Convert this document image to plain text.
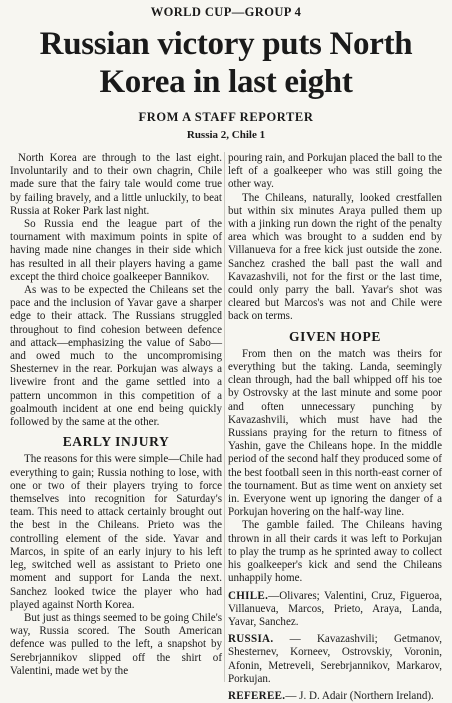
WORLD CUP—GROUP 4
Russian victory puts North
Korea in last eight
FROM A STAFF REPORTER
Russia 2, Chile 1

North Korea are through to the last eight. Involuntarily and to their own chagrin, Chile made sure that the fairy tale would come true by failing bravely, and a little unluckily, to beat Russia at Roker Park last night.

So Russia end the league part of the tournament with maximum points in spite of having made nine changes in their side which has resulted in all their players having a game except the third choice goalkeeper Bannikov.

As was to be expected the Chileans set the pace and the inclusion of Yavar gave a sharper edge to their attack. The Russians struggled throughout to find cohesion between defence and attack—emphasizing the value of Sabo—and owed much to the uncompromising Shesternev in the rear. Porkujan was always a livewire front and the game settled into a pattern uncommon in this competition of a goalmouth incident at one end being quickly followed by the same at the other.

EARLY INJURY

The reasons for this were simple—Chile had everything to gain; Russia nothing to lose, with one or two of their players trying to force themselves into recognition for Saturday's team. This need to attack certainly brought out the best in the Chileans. Prieto was the controlling element of the side. Yavar and Marcos, in spite of an early injury to his left leg, switched well as assistant to Prieto one moment and support for Landa the next. Sanchez looked twice the player who had played against North Korea.

But just as things seemed to be going Chile's way, Russia scored. The South American defence was pulled to the left, a snapshot by Serebrjannikov slipped off the shirt of Valentini, made wet by the

pouring rain, and Porkujan placed the ball to the left of a goalkeeper who was still going the other way.

The Chileans, naturally, looked crestfallen but within six minutes Araya pulled them up with a jinking run down the right of the penalty area which was brought to a sudden end by Villanueva for a free kick just outside the zone. Sanchez crashed the ball past the wall and Kavazashvili, not for the first or the last time, could only parry the ball. Yavar's shot was cleared but Marcos's was not and Chile were back on terms.

GIVEN HOPE

From then on the match was theirs for everything but the taking. Landa, seemingly clean through, had the ball whipped off his toe by Ostrovsky at the last minute and some poor and often unnecessary punching by Kavazashvili, which must have had the Russians praying for the return to fitness of Yashin, gave the Chileans hope. In the middle period of the second half they produced some of the best football seen in this north-east corner of the tournament. But as time went on anxiety set in. Everyone went up ignoring the danger of a Porkujan hovering on the half-way line.

The gamble failed. The Chileans having thrown in all their cards it was left to Porkujan to play the trump as he sprinted away to collect his goalkeeper's kick and send the Chileans unhappily home.

CHILE.—Olivares; Valentini, Cruz, Figueroa, Villanueva, Marcos, Prieto, Araya, Landa, Yavar, Sanchez.

RUSSIA. — Kavazashvili; Getmanov, Shesternev, Korneev, Ostrovskiy, Voronin, Afonin, Metreveli, Serebrjannikov, Markarov, Porkujan.

REFEREE.— J. D. Adair (Northern Ireland).
